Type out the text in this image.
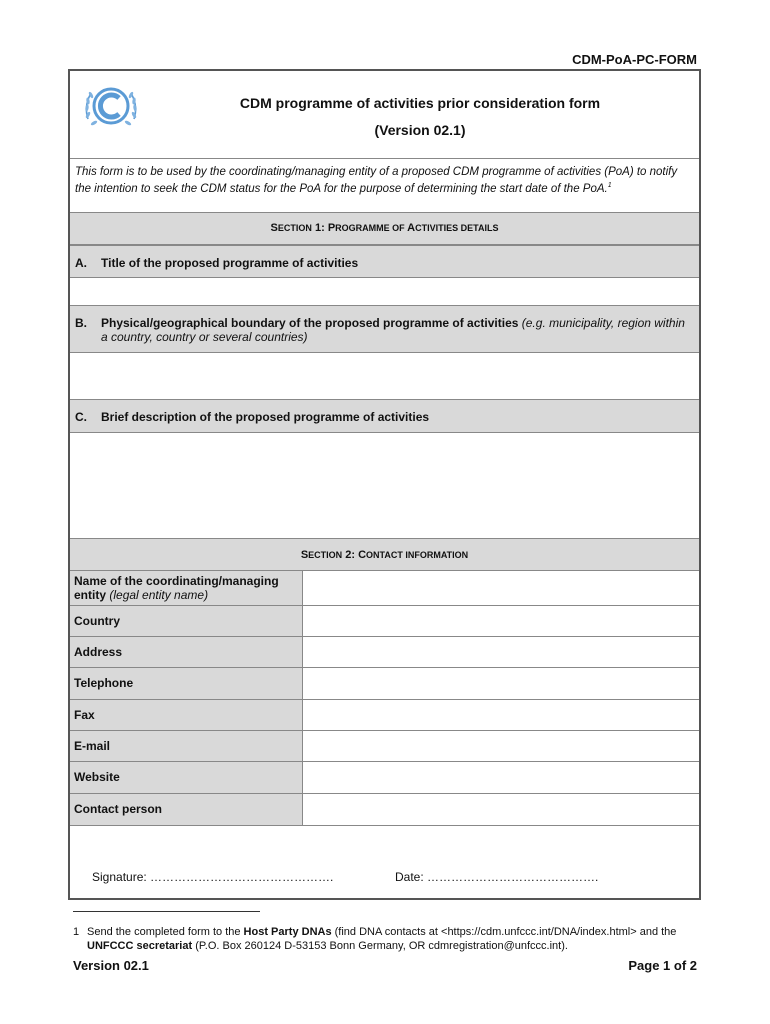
CDM-PoA-PC-FORM
CDM programme of activities prior consideration form
(Version 02.1)
This form is to be used by the coordinating/managing entity of a proposed CDM programme of activities (PoA) to notify the intention to seek the CDM status for the PoA for the purpose of determining the start date of the PoA.$^1$
SECTION 1: PROGRAMME OF ACTIVITIES DETAILS
A. Title of the proposed programme of activities
B. Physical/geographical boundary of the proposed programme of activities (e.g. municipality, region within a country, country or several countries)
C. Brief description of the proposed programme of activities
SECTION 2: CONTACT INFORMATION
Name of the coordinating/managing entity (legal entity name)
Country
Address
Telephone
Fax
E-mail
Website
Contact person
Signature: ……………………………………….	Date: …………………………………….
1 Send the completed form to the Host Party DNAs (find DNA contacts at <https://cdm.unfccc.int/DNA/index.html> and the UNFCCC secretariat (P.O. Box 260124 D-53153 Bonn Germany, OR cdmregistration@unfccc.int).
Version 02.1	Page 1 of 2
